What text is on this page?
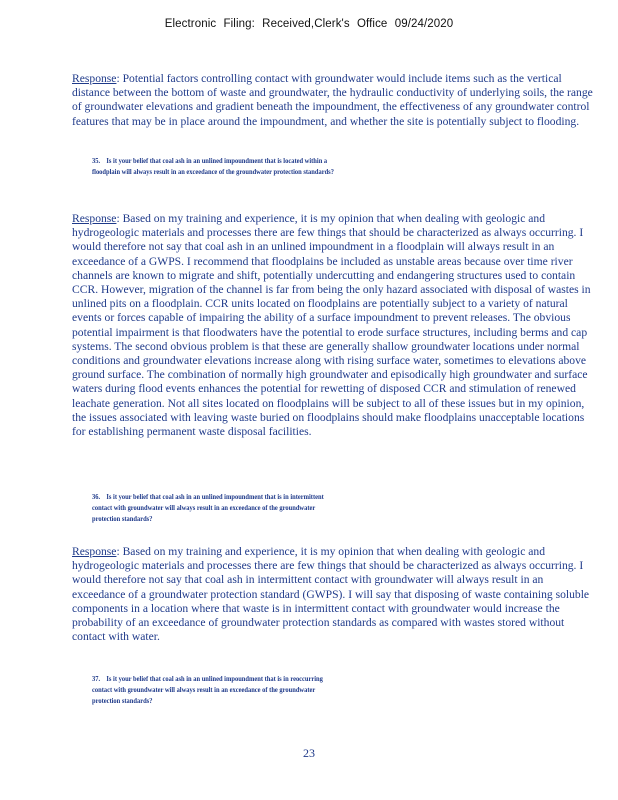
Electronic Filing: Received,Clerk's Office 09/24/2020
Response: Potential factors controlling contact with groundwater would include items such as the vertical distance between the bottom of waste and groundwater, the hydraulic conductivity of underlying soils, the range of groundwater elevations and gradient beneath the impoundment, the effectiveness of any groundwater control features that may be in place around the impoundment, and whether the site is potentially subject to flooding.
35. Is it your belief that coal ash in an unlined impoundment that is located within a floodplain will always result in an exceedance of the groundwater protection standards?
Response: Based on my training and experience, it is my opinion that when dealing with geologic and hydrogeologic materials and processes there are few things that should be characterized as always occurring. I would therefore not say that coal ash in an unlined impoundment in a floodplain will always result in an exceedance of a GWPS. I recommend that floodplains be included as unstable areas because over time river channels are known to migrate and shift, potentially undercutting and endangering structures used to contain CCR. However, migration of the channel is far from being the only hazard associated with disposal of wastes in unlined pits on a floodplain. CCR units located on floodplains are potentially subject to a variety of natural events or forces capable of impairing the ability of a surface impoundment to prevent releases. The obvious potential impairment is that floodwaters have the potential to erode surface structures, including berms and cap systems. The second obvious problem is that these are generally shallow groundwater locations under normal conditions and groundwater elevations increase along with rising surface water, sometimes to elevations above ground surface. The combination of normally high groundwater and episodically high groundwater and surface waters during flood events enhances the potential for rewetting of disposed CCR and stimulation of renewed leachate generation. Not all sites located on floodplains will be subject to all of these issues but in my opinion, the issues associated with leaving waste buried on floodplains should make floodplains unacceptable locations for establishing permanent waste disposal facilities.
36. Is it your belief that coal ash in an unlined impoundment that is in intermittent contact with groundwater will always result in an exceedance of the groundwater protection standards?
Response: Based on my training and experience, it is my opinion that when dealing with geologic and hydrogeologic materials and processes there are few things that should be characterized as always occurring. I would therefore not say that coal ash in intermittent contact with groundwater will always result in an exceedance of a groundwater protection standard (GWPS). I will say that disposing of waste containing soluble components in a location where that waste is in intermittent contact with groundwater would increase the probability of an exceedance of groundwater protection standards as compared with wastes stored without contact with water.
37. Is it your belief that coal ash in an unlined impoundment that is in reoccurring contact with groundwater will always result in an exceedance of the groundwater protection standards?
23
